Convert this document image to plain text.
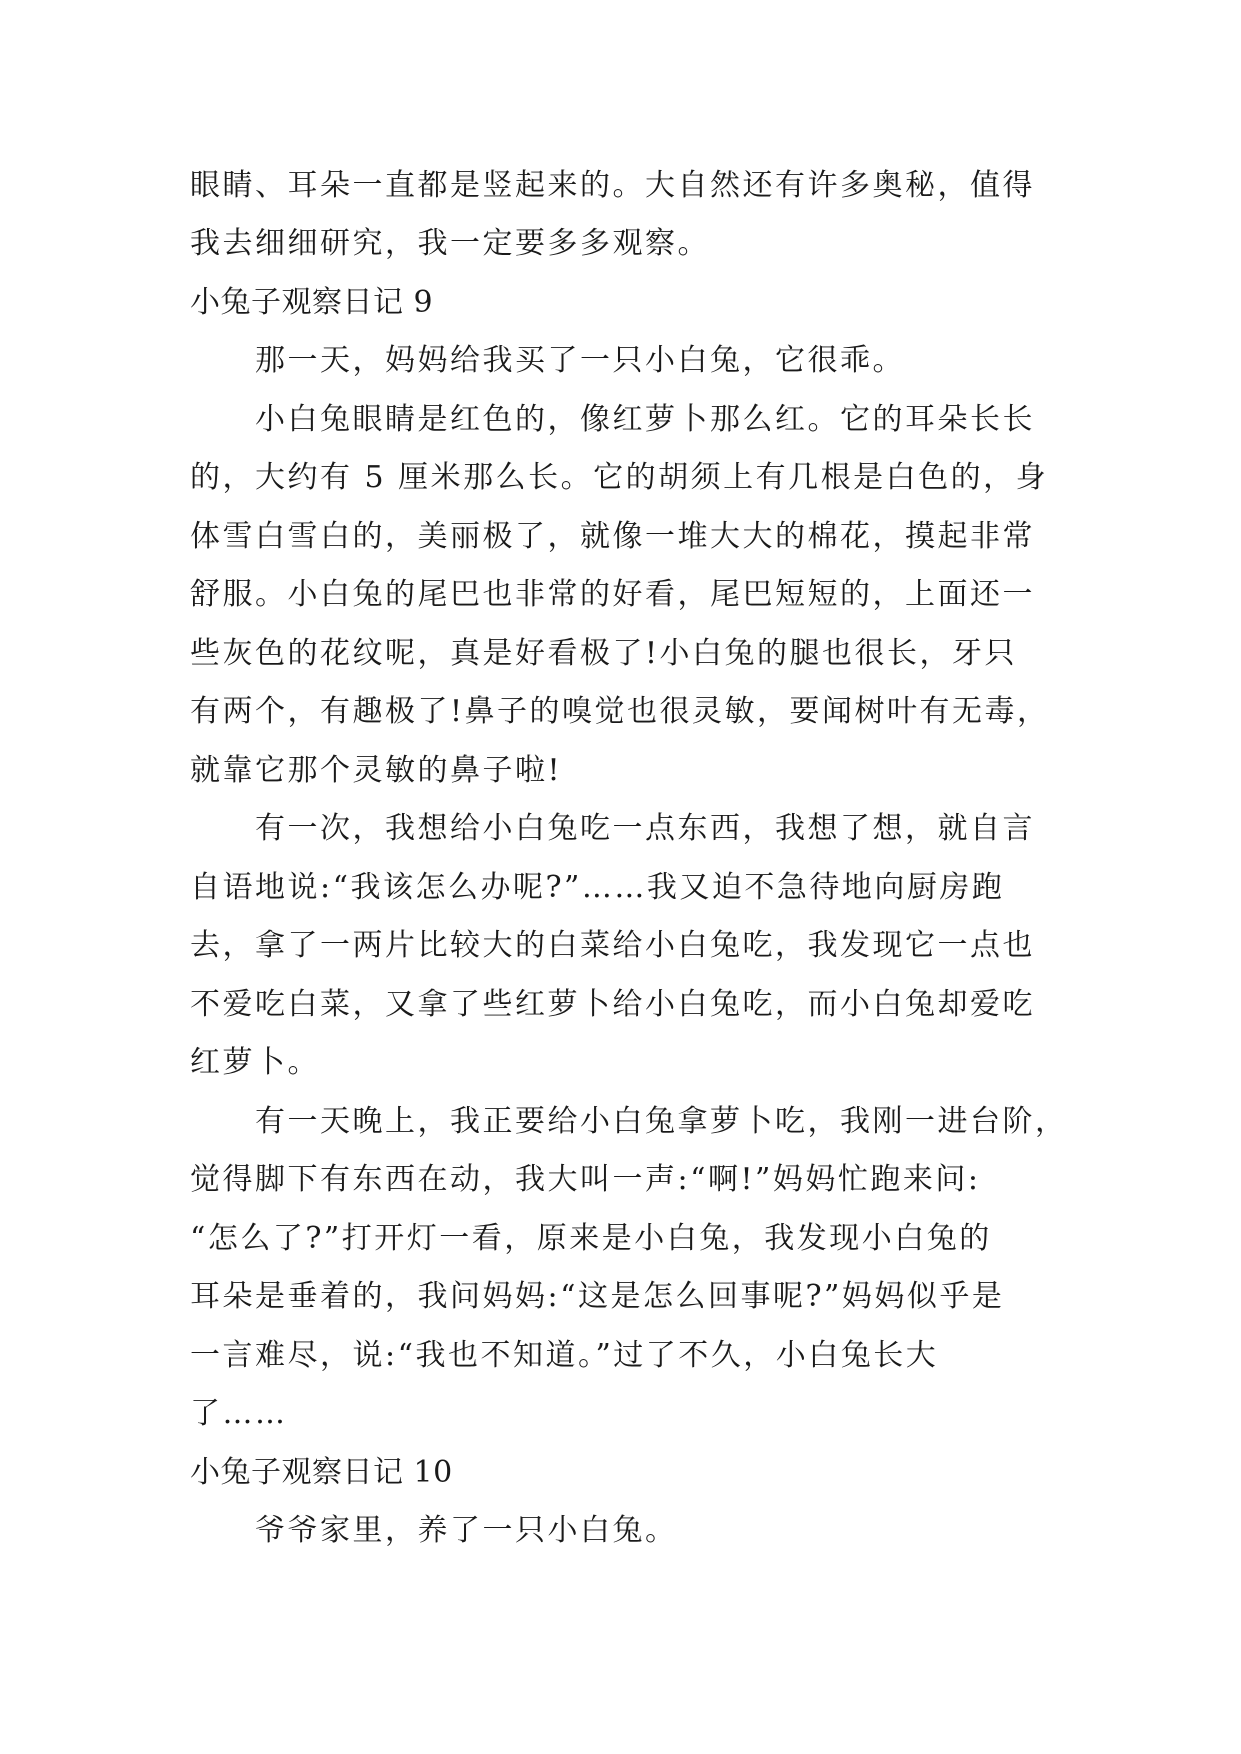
眼睛、耳朵一直都是竖起来的。大自然还有许多奥秘，值得
我去细细研究，我一定要多多观察。
小兔子观察日记 9
那一天，妈妈给我买了一只小白兔，它很乖。
小白兔眼睛是红色的，像红萝卜那么红。它的耳朵长长
的，大约有 5 厘米那么长。它的胡须上有几根是白色的，身
体雪白雪白的，美丽极了，就像一堆大大的棉花，摸起非常
舒服。小白兔的尾巴也非常的好看，尾巴短短的，上面还一
些灰色的花纹呢，真是好看极了!小白兔的腿也很长，牙只
有两个，有趣极了!鼻子的嗅觉也很灵敏，要闻树叶有无毒，
就靠它那个灵敏的鼻子啦!
有一次，我想给小白兔吃一点东西，我想了想，就自言
自语地说:“我该怎么办呢?”……我又迫不急待地向厨房跑
去，拿了一两片比较大的白菜给小白兔吃，我发现它一点也
不爱吃白菜，又拿了些红萝卜给小白兔吃，而小白兔却爱吃
红萝卜。
有一天晚上，我正要给小白兔拿萝卜吃，我刚一进台阶，
觉得脚下有东西在动，我大叫一声:“啊!”妈妈忙跑来问:
“怎么了?”打开灯一看，原来是小白兔，我发现小白兔的
耳朵是垂着的，我问妈妈:“这是怎么回事呢?”妈妈似乎是
一言难尽，说:“我也不知道。”过了不久，小白兔长大
了……
小兔子观察日记 10
爷爷家里，养了一只小白兔。
